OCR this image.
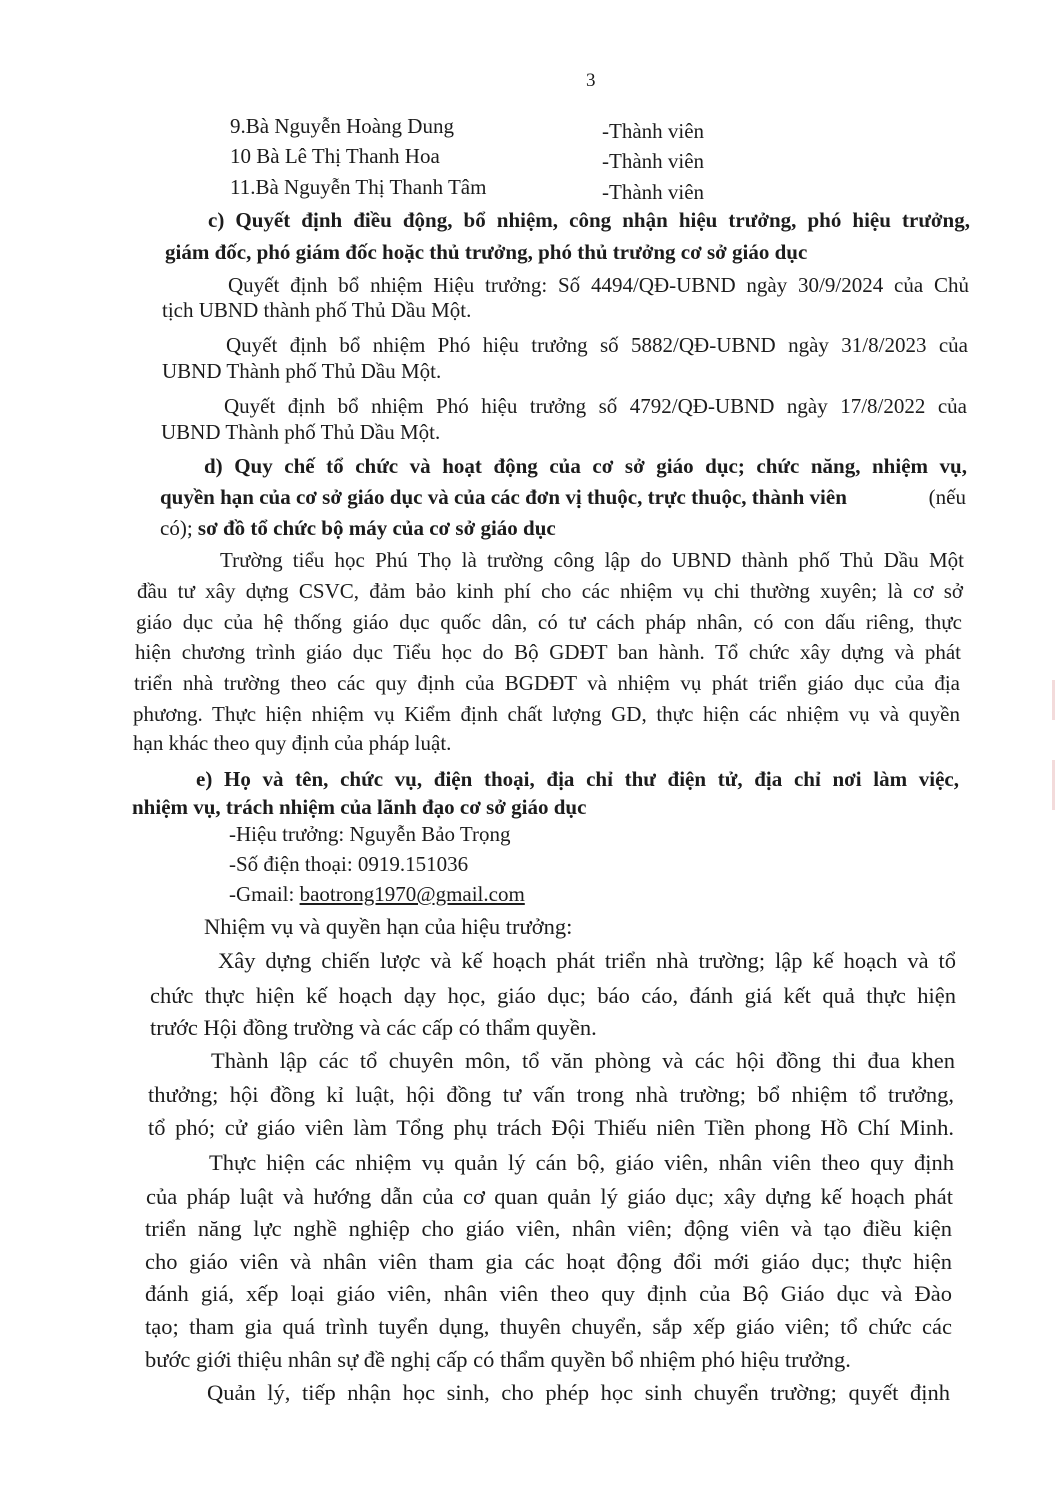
3
9.Bà Nguyễn Hoàng Dung	-Thành viên
10 Bà Lê Thị Thanh Hoa	-Thành viên
11.Bà Nguyễn Thị Thanh Tâm	-Thành viên
c) Quyết định điều động, bổ nhiệm, công nhận hiệu trưởng, phó hiệu trưởng,
giám đốc, phó giám đốc hoặc thủ trưởng, phó thủ trưởng cơ sở giáo dục
Quyết định bổ nhiệm Hiệu trưởng: Số 4494/QĐ-UBND ngày 30/9/2024 của Chủ
tịch UBND thành phố Thủ Dầu Một.
Quyết định bổ nhiệm Phó hiệu trưởng số 5882/QĐ-UBND ngày 31/8/2023 của
UBND Thành phố Thủ Dầu Một.
Quyết định bổ nhiệm Phó hiệu trưởng số 4792/QĐ-UBND ngày 17/8/2022 của
UBND Thành phố Thủ Dầu Một.
d) Quy chế tổ chức và hoạt động của cơ sở giáo dục; chức năng, nhiệm vụ,
quyền hạn của cơ sở giáo dục và của các đơn vị thuộc, trực thuộc, thành viên	(nếu
có); sơ đồ tổ chức bộ máy của cơ sở giáo dục
Trường tiểu học Phú Thọ là trường công lập do UBND thành phố Thủ Dầu Một
đầu tư xây dựng CSVC, đảm bảo kinh phí cho các nhiệm vụ chi thường xuyên; là cơ sở
giáo dục của hệ thống giáo dục quốc dân, có tư cách pháp nhân, có con dấu riêng, thực
hiện chương trình giáo dục Tiểu học do Bộ GDĐT ban hành. Tổ chức xây dựng và phát
triển nhà trường theo các quy định của BGDĐT và nhiệm vụ phát triển giáo dục của địa
phương. Thực hiện nhiệm vụ Kiểm định chất lượng GD, thực hiện các nhiệm vụ và quyền
hạn khác theo quy định của pháp luật.
e) Họ và tên, chức vụ, điện thoại, địa chỉ thư điện tử, địa chỉ nơi làm việc,
nhiệm vụ, trách nhiệm của lãnh đạo cơ sở giáo dục
-Hiệu trưởng: Nguyễn Bảo Trọng
-Số điện thoại: 0919.151036
-Gmail: baotrong1970@gmail.com
Nhiệm vụ và quyền hạn của hiệu trưởng:
Xây dựng chiến lược và kế hoạch phát triển nhà trường; lập kế hoạch và tổ
chức thực hiện kế hoạch dạy học, giáo dục; báo cáo, đánh giá kết quả thực hiện
trước Hội đồng trường và các cấp có thẩm quyền.
Thành lập các tổ chuyên môn, tổ văn phòng và các hội đồng thi đua khen
thưởng; hội đồng kỉ luật, hội đồng tư vấn trong nhà trường; bổ nhiệm tổ trưởng,
tổ phó; cử giáo viên làm Tổng phụ trách Đội Thiếu niên Tiền phong Hồ Chí Minh.
Thực hiện các nhiệm vụ quản lý cán bộ, giáo viên, nhân viên theo quy định
của pháp luật và hướng dẫn của cơ quan quản lý giáo dục; xây dựng kế hoạch phát
triển năng lực nghề nghiệp cho giáo viên, nhân viên; động viên và tạo điều kiện
cho giáo viên và nhân viên tham gia các hoạt động đổi mới giáo dục; thực hiện
đánh giá, xếp loại giáo viên, nhân viên theo quy định của Bộ Giáo dục và Đào
tạo; tham gia quá trình tuyển dụng, thuyên chuyển, sắp xếp giáo viên; tổ chức các
bước giới thiệu nhân sự đề nghị cấp có thẩm quyền bổ nhiệm phó hiệu trưởng.
Quản lý, tiếp nhận học sinh, cho phép học sinh chuyển trường; quyết định
